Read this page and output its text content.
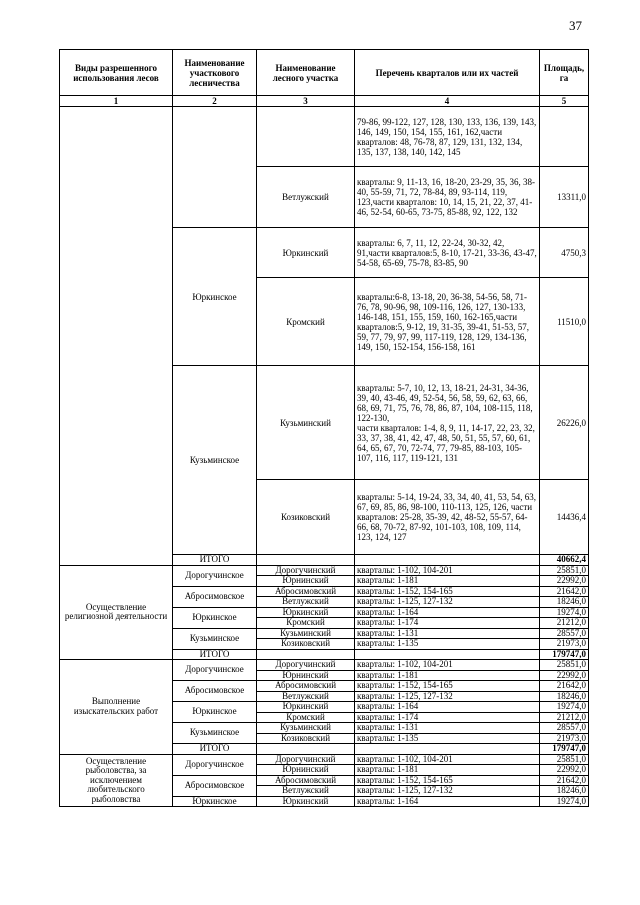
37
Виды разрешенного использования лесов	Наименование участкового лесничества	Наименование лесного участка	Перечень кварталов или их частей	Площадь, га
1	2	3	4	5
			79-86, 99-122, 127, 128, 130, 133, 136, 139, 143, 146, 149, 150, 154, 155, 161, 162,части кварталов: 48, 76-78, 87, 129, 131, 132, 134, 135, 137, 138, 140, 142, 145	
		Ветлужский	кварталы: 9, 11-13, 16, 18-20, 23-29, 35, 36, 38-40, 55-59, 71, 72, 78-84, 89, 93-114, 119, 123,части кварталов: 10, 14, 15, 21, 22, 37, 41-46, 52-54, 60-65, 73-75, 85-88, 92, 122, 132	13311,0
	Юркинское	Юркинский	кварталы: 6, 7, 11, 12, 22-24, 30-32, 42, 91,части кварталов:5, 8-10, 17-21, 33-36, 43-47, 54-58, 65-69, 75-78, 83-85, 90	4750,3
		Кромский	кварталы:6-8, 13-18, 20, 36-38, 54-56, 58, 71-76, 78, 90-96, 98, 109-116, 126, 127, 130-133, 146-148, 151, 155, 159, 160, 162-165,части кварталов:5, 9-12, 19, 31-35, 39-41, 51-53, 57, 59, 77, 79, 97, 99, 117-119, 128, 129, 134-136, 149, 150, 152-154, 156-158, 161	11510,0
	Кузьминское	Кузьминский	кварталы: 5-7, 10, 12, 13, 18-21, 24-31, 34-36, 39, 40, 43-46, 49, 52-54, 56, 58, 59, 62, 63, 66, 68, 69, 71, 75, 76, 78, 86, 87, 104, 108-115, 118, 122-130,
части кварталов: 1-4, 8, 9, 11, 14-17, 22, 23, 32, 33, 37, 38, 41, 42, 47, 48, 50, 51, 55, 57, 60, 61, 64, 65, 67, 70, 72-74, 77, 79-85, 88-103, 105-107, 116, 117, 119-121, 131	26226,0
		Козиковский	кварталы: 5-14, 19-24, 33, 34, 40, 41, 53, 54, 63, 67, 69, 85, 86, 98-100, 110-113, 125, 126, части кварталов: 25-28, 35-39, 42, 48-52, 55-57, 64-66, 68, 70-72, 87-92, 101-103, 108, 109, 114, 123, 124, 127	14436,4
	ИТОГО			40662,4
Осуществление религиозной деятельности	Дорогучинское	Дорогучинский	кварталы: 1-102, 104-201	25851,0
		Юрнинский	кварталы: 1-181	22992,0
	Абросимовское	Абросимовский	кварталы: 1-152, 154-165	21642,0
		Ветлужский	кварталы: 1-125, 127-132	18246,0
	Юркинское	Юркинский	кварталы: 1-164	19274,0
		Кромский	кварталы: 1-174	21212,0
	Кузьминское	Кузьминский	кварталы: 1-131	28557,0
		Козиковский	кварталы: 1-135	21973,0
	ИТОГО			179747,0
Выполнение изыскательских работ	Дорогучинское	Дорогучинский	кварталы: 1-102, 104-201	25851,0
		Юрнинский	кварталы: 1-181	22992,0
	Абросимовское	Абросимовский	кварталы: 1-152, 154-165	21642,0
		Ветлужский	кварталы: 1-125, 127-132	18246,0
	Юркинское	Юркинский	кварталы: 1-164	19274,0
		Кромский	кварталы: 1-174	21212,0
	Кузьминское	Кузьминский	кварталы: 1-131	28557,0
		Козиковский	кварталы: 1-135	21973,0
	ИТОГО			179747,0
Осуществление рыболовства, за исключением любительского рыболовства	Дорогучинское	Дорогучинский	кварталы: 1-102, 104-201	25851,0
		Юрнинский	кварталы: 1-181	22992,0
	Абросимовское	Абросимовский	кварталы: 1-152, 154-165	21642,0
		Ветлужский	кварталы: 1-125, 127-132	18246,0
	Юркинское	Юркинский	кварталы: 1-164	19274,0
